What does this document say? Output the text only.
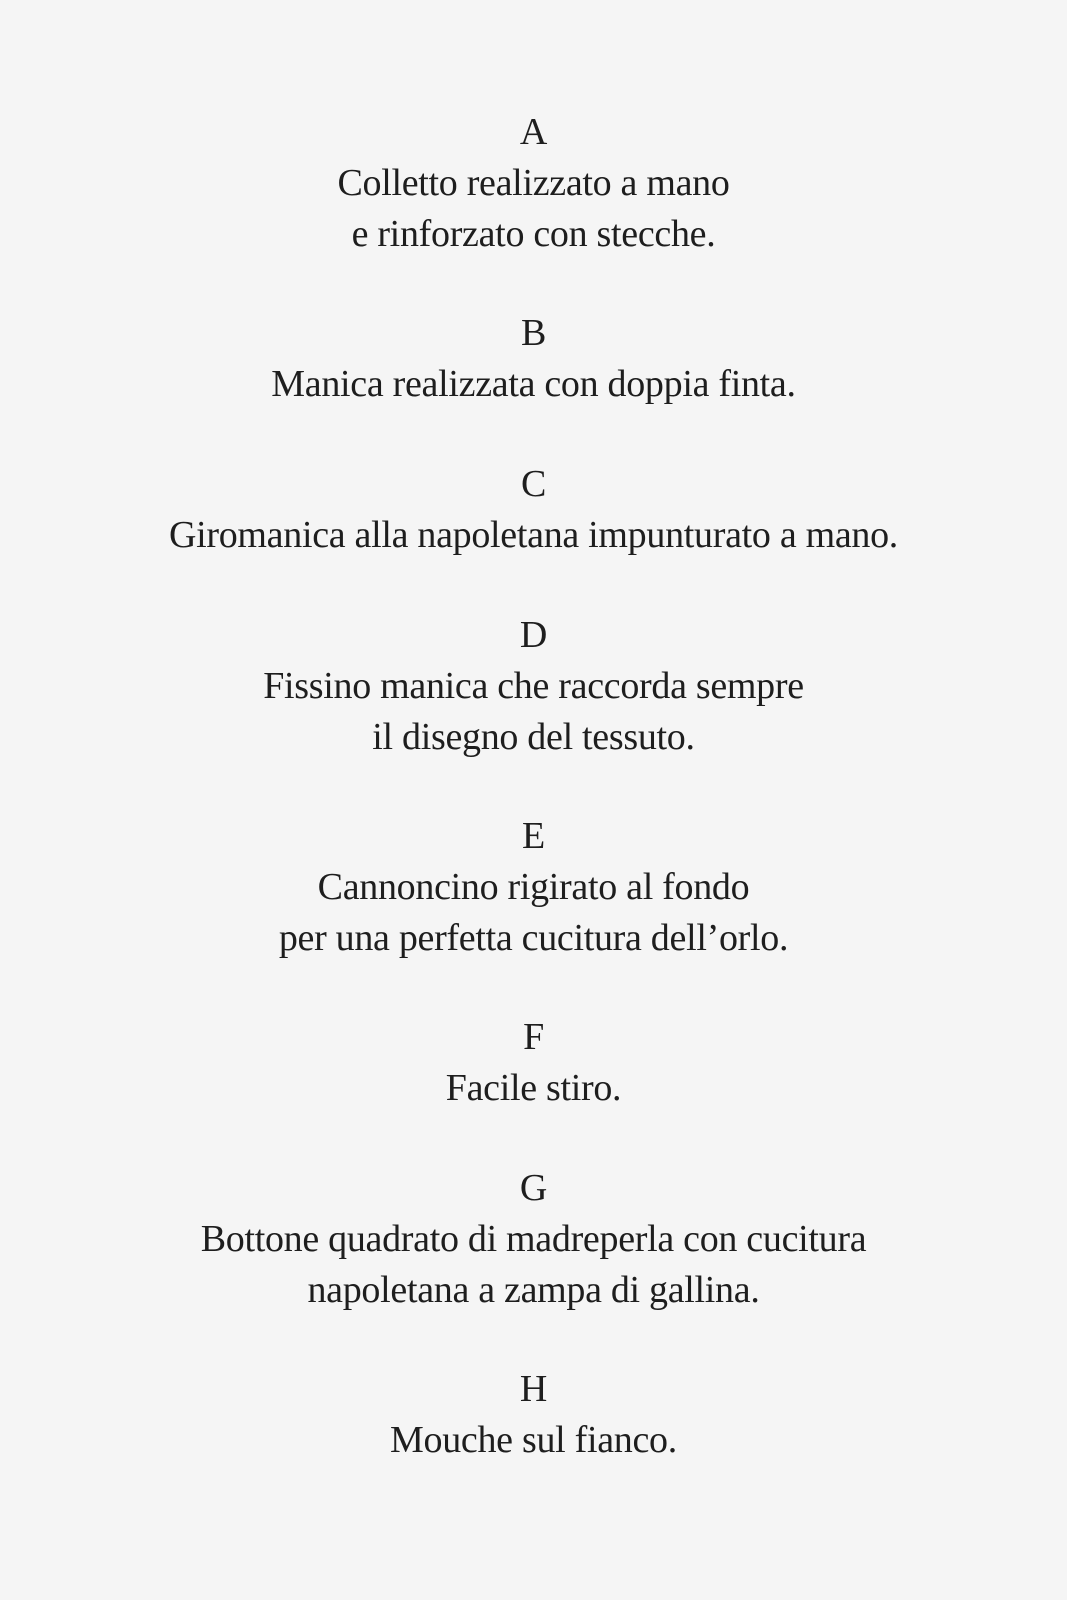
A
Colletto realizzato a mano
e rinforzato con stecche.
B
Manica realizzata con doppia finta.
C
Giromanica alla napoletana impunturato a mano.
D
Fissino manica che raccorda sempre
il disegno del tessuto.
E
Cannoncino rigirato al fondo
per una perfetta cucitura dell’orlo.
F
Facile stiro.
G
Bottone quadrato di madreperla con cucitura
napoletana a zampa di gallina.
H
Mouche sul fianco.
